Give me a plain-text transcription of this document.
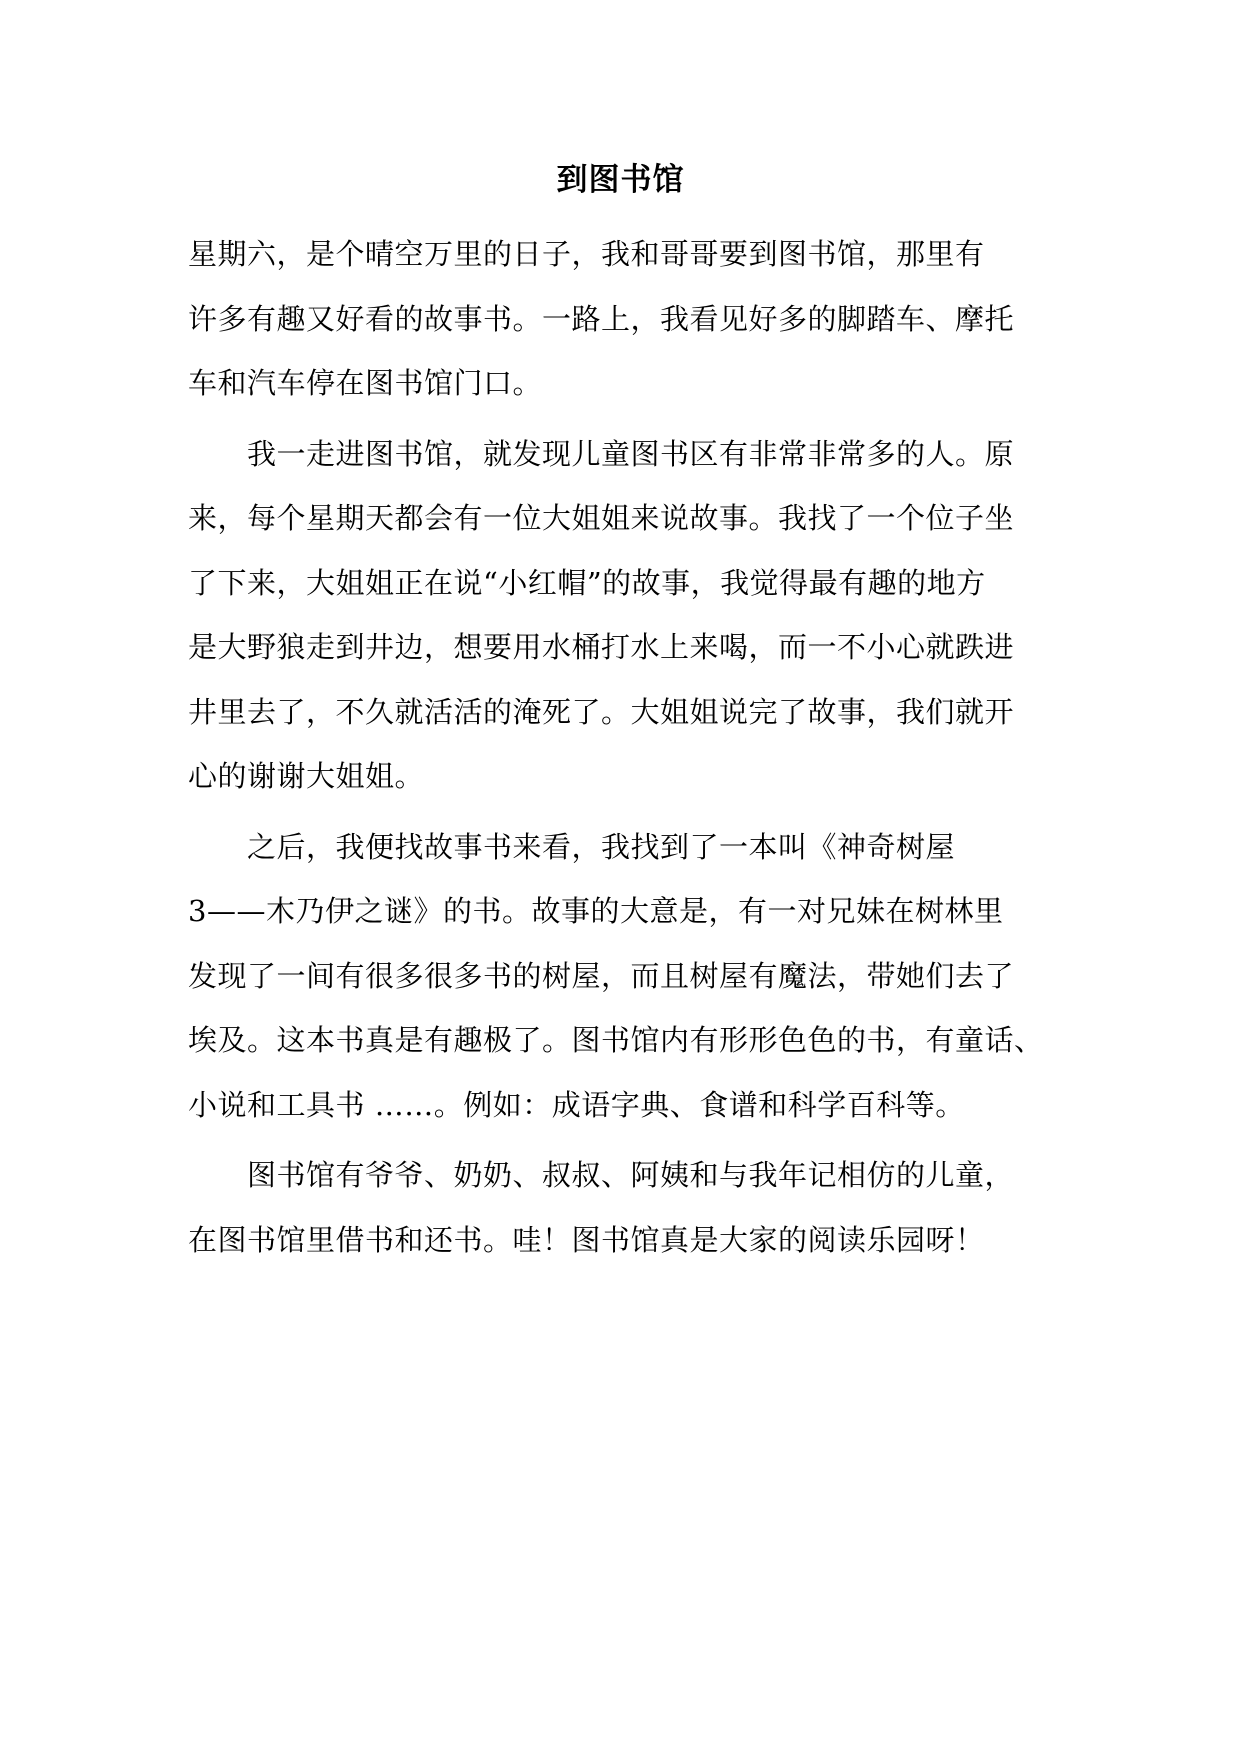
到图书馆
星期六，是个晴空万里的日子，我和哥哥要到图书馆，那里有
许多有趣又好看的故事书。一路上，我看见好多的脚踏车、摩托
车和汽车停在图书馆门口。
　　我一走进图书馆，就发现儿童图书区有非常非常多的人。原
来，每个星期天都会有一位大姐姐来说故事。我找了一个位子坐
了下来，大姐姐正在说“小红帽”的故事，我觉得最有趣的地方
是大野狼走到井边，想要用水桶打水上来喝，而一不小心就跌进
井里去了，不久就活活的淹死了。大姐姐说完了故事，我们就开
心的谢谢大姐姐。
　　之后，我便找故事书来看，我找到了一本叫《神奇树屋
3——木乃伊之谜》的书。故事的大意是，有一对兄妹在树林里
发现了一间有很多很多书的树屋，而且树屋有魔法，带她们去了
埃及。这本书真是有趣极了。图书馆内有形形色色的书，有童话、
小说和工具书 ……。例如：成语字典、食谱和科学百科等。
　　图书馆有爷爷、奶奶、叔叔、阿姨和与我年记相仿的儿童，
在图书馆里借书和还书。哇！图书馆真是大家的阅读乐园呀！
